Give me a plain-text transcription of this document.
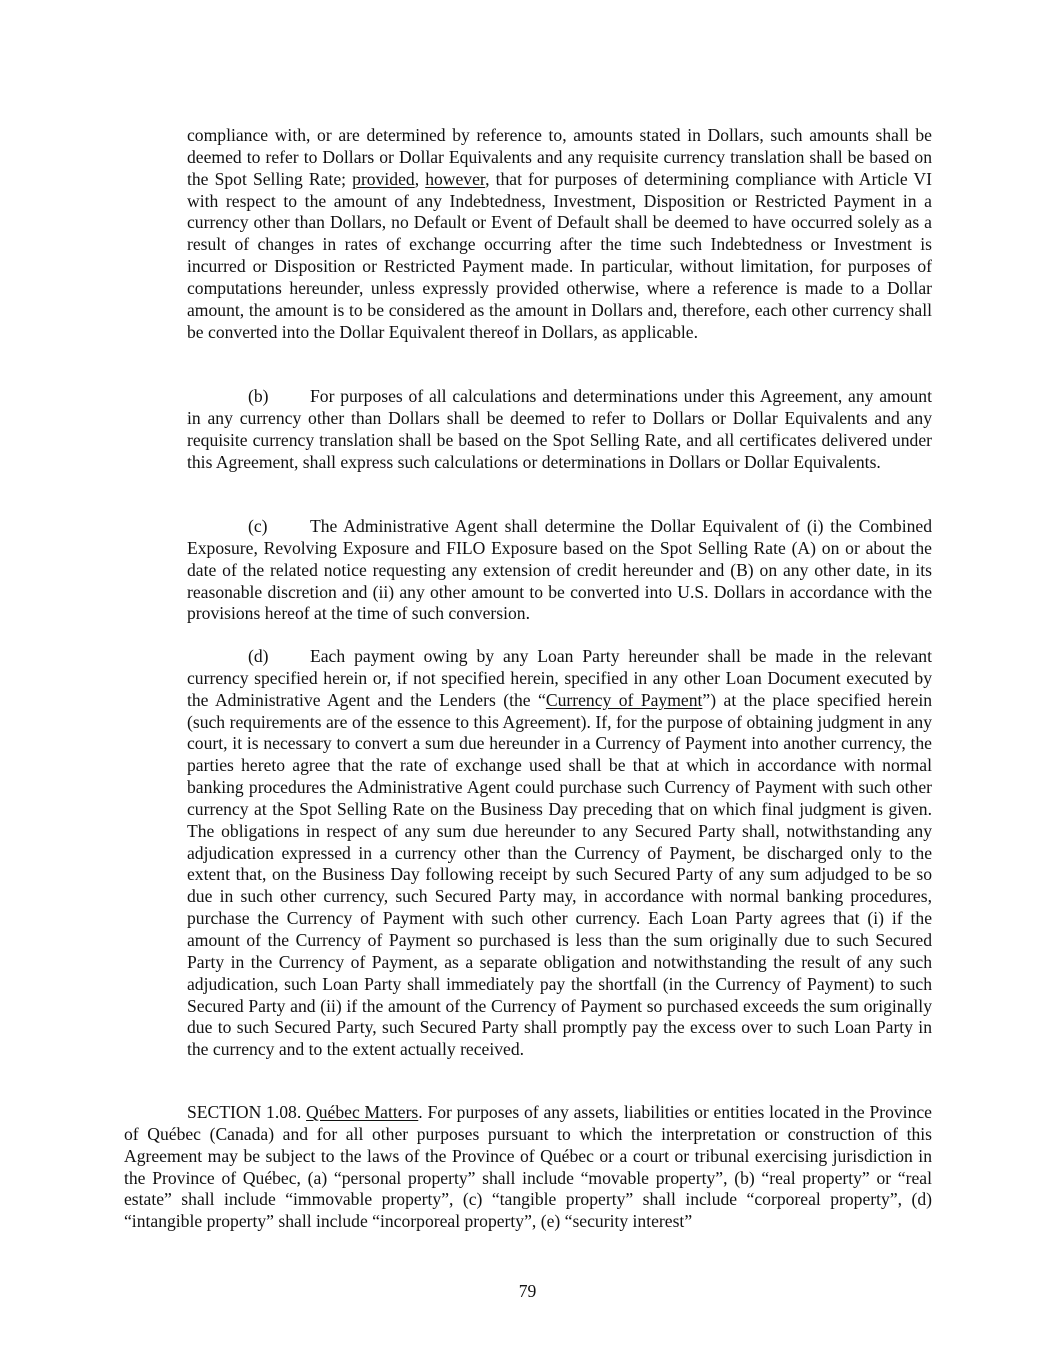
compliance with, or are determined by reference to, amounts stated in Dollars, such amounts shall be deemed to refer to Dollars or Dollar Equivalents and any requisite currency translation shall be based on the Spot Selling Rate; provided, however, that for purposes of determining compliance with Article VI with respect to the amount of any Indebtedness, Investment, Disposition or Restricted Payment in a currency other than Dollars, no Default or Event of Default shall be deemed to have occurred solely as a result of changes in rates of exchange occurring after the time such Indebtedness or Investment is incurred or Disposition or Restricted Payment made. In particular, without limitation, for purposes of computations hereunder, unless expressly provided otherwise, where a reference is made to a Dollar amount, the amount is to be considered as the amount in Dollars and, therefore, each other currency shall be converted into the Dollar Equivalent thereof in Dollars, as applicable.

(b) For purposes of all calculations and determinations under this Agreement, any amount in any currency other than Dollars shall be deemed to refer to Dollars or Dollar Equivalents and any requisite currency translation shall be based on the Spot Selling Rate, and all certificates delivered under this Agreement, shall express such calculations or determinations in Dollars or Dollar Equivalents.

(c) The Administrative Agent shall determine the Dollar Equivalent of (i) the Combined Exposure, Revolving Exposure and FILO Exposure based on the Spot Selling Rate (A) on or about the date of the related notice requesting any extension of credit hereunder and (B) on any other date, in its reasonable discretion and (ii) any other amount to be converted into U.S. Dollars in accordance with the provisions hereof at the time of such conversion.

(d) Each payment owing by any Loan Party hereunder shall be made in the relevant currency specified herein or, if not specified herein, specified in any other Loan Document executed by the Administrative Agent and the Lenders (the “Currency of Payment”) at the place specified herein (such requirements are of the essence to this Agreement). If, for the purpose of obtaining judgment in any court, it is necessary to convert a sum due hereunder in a Currency of Payment into another currency, the parties hereto agree that the rate of exchange used shall be that at which in accordance with normal banking procedures the Administrative Agent could purchase such Currency of Payment with such other currency at the Spot Selling Rate on the Business Day preceding that on which final judgment is given. The obligations in respect of any sum due hereunder to any Secured Party shall, notwithstanding any adjudication expressed in a currency other than the Currency of Payment, be discharged only to the extent that, on the Business Day following receipt by such Secured Party of any sum adjudged to be so due in such other currency, such Secured Party may, in accordance with normal banking procedures, purchase the Currency of Payment with such other currency. Each Loan Party agrees that (i) if the amount of the Currency of Payment so purchased is less than the sum originally due to such Secured Party in the Currency of Payment, as a separate obligation and notwithstanding the result of any such adjudication, such Loan Party shall immediately pay the shortfall (in the Currency of Payment) to such Secured Party and (ii) if the amount of the Currency of Payment so purchased exceeds the sum originally due to such Secured Party, such Secured Party shall promptly pay the excess over to such Loan Party in the currency and to the extent actually received.

SECTION 1.08. Québec Matters. For purposes of any assets, liabilities or entities located in the Province of Québec (Canada) and for all other purposes pursuant to which the interpretation or construction of this Agreement may be subject to the laws of the Province of Québec or a court or tribunal exercising jurisdiction in the Province of Québec, (a) “personal property” shall include “movable property”, (b) “real property” or “real estate” shall include “immovable property”, (c) “tangible property” shall include “corporeal property”, (d) “intangible property” shall include “incorporeal property”, (e) “security interest”

79
